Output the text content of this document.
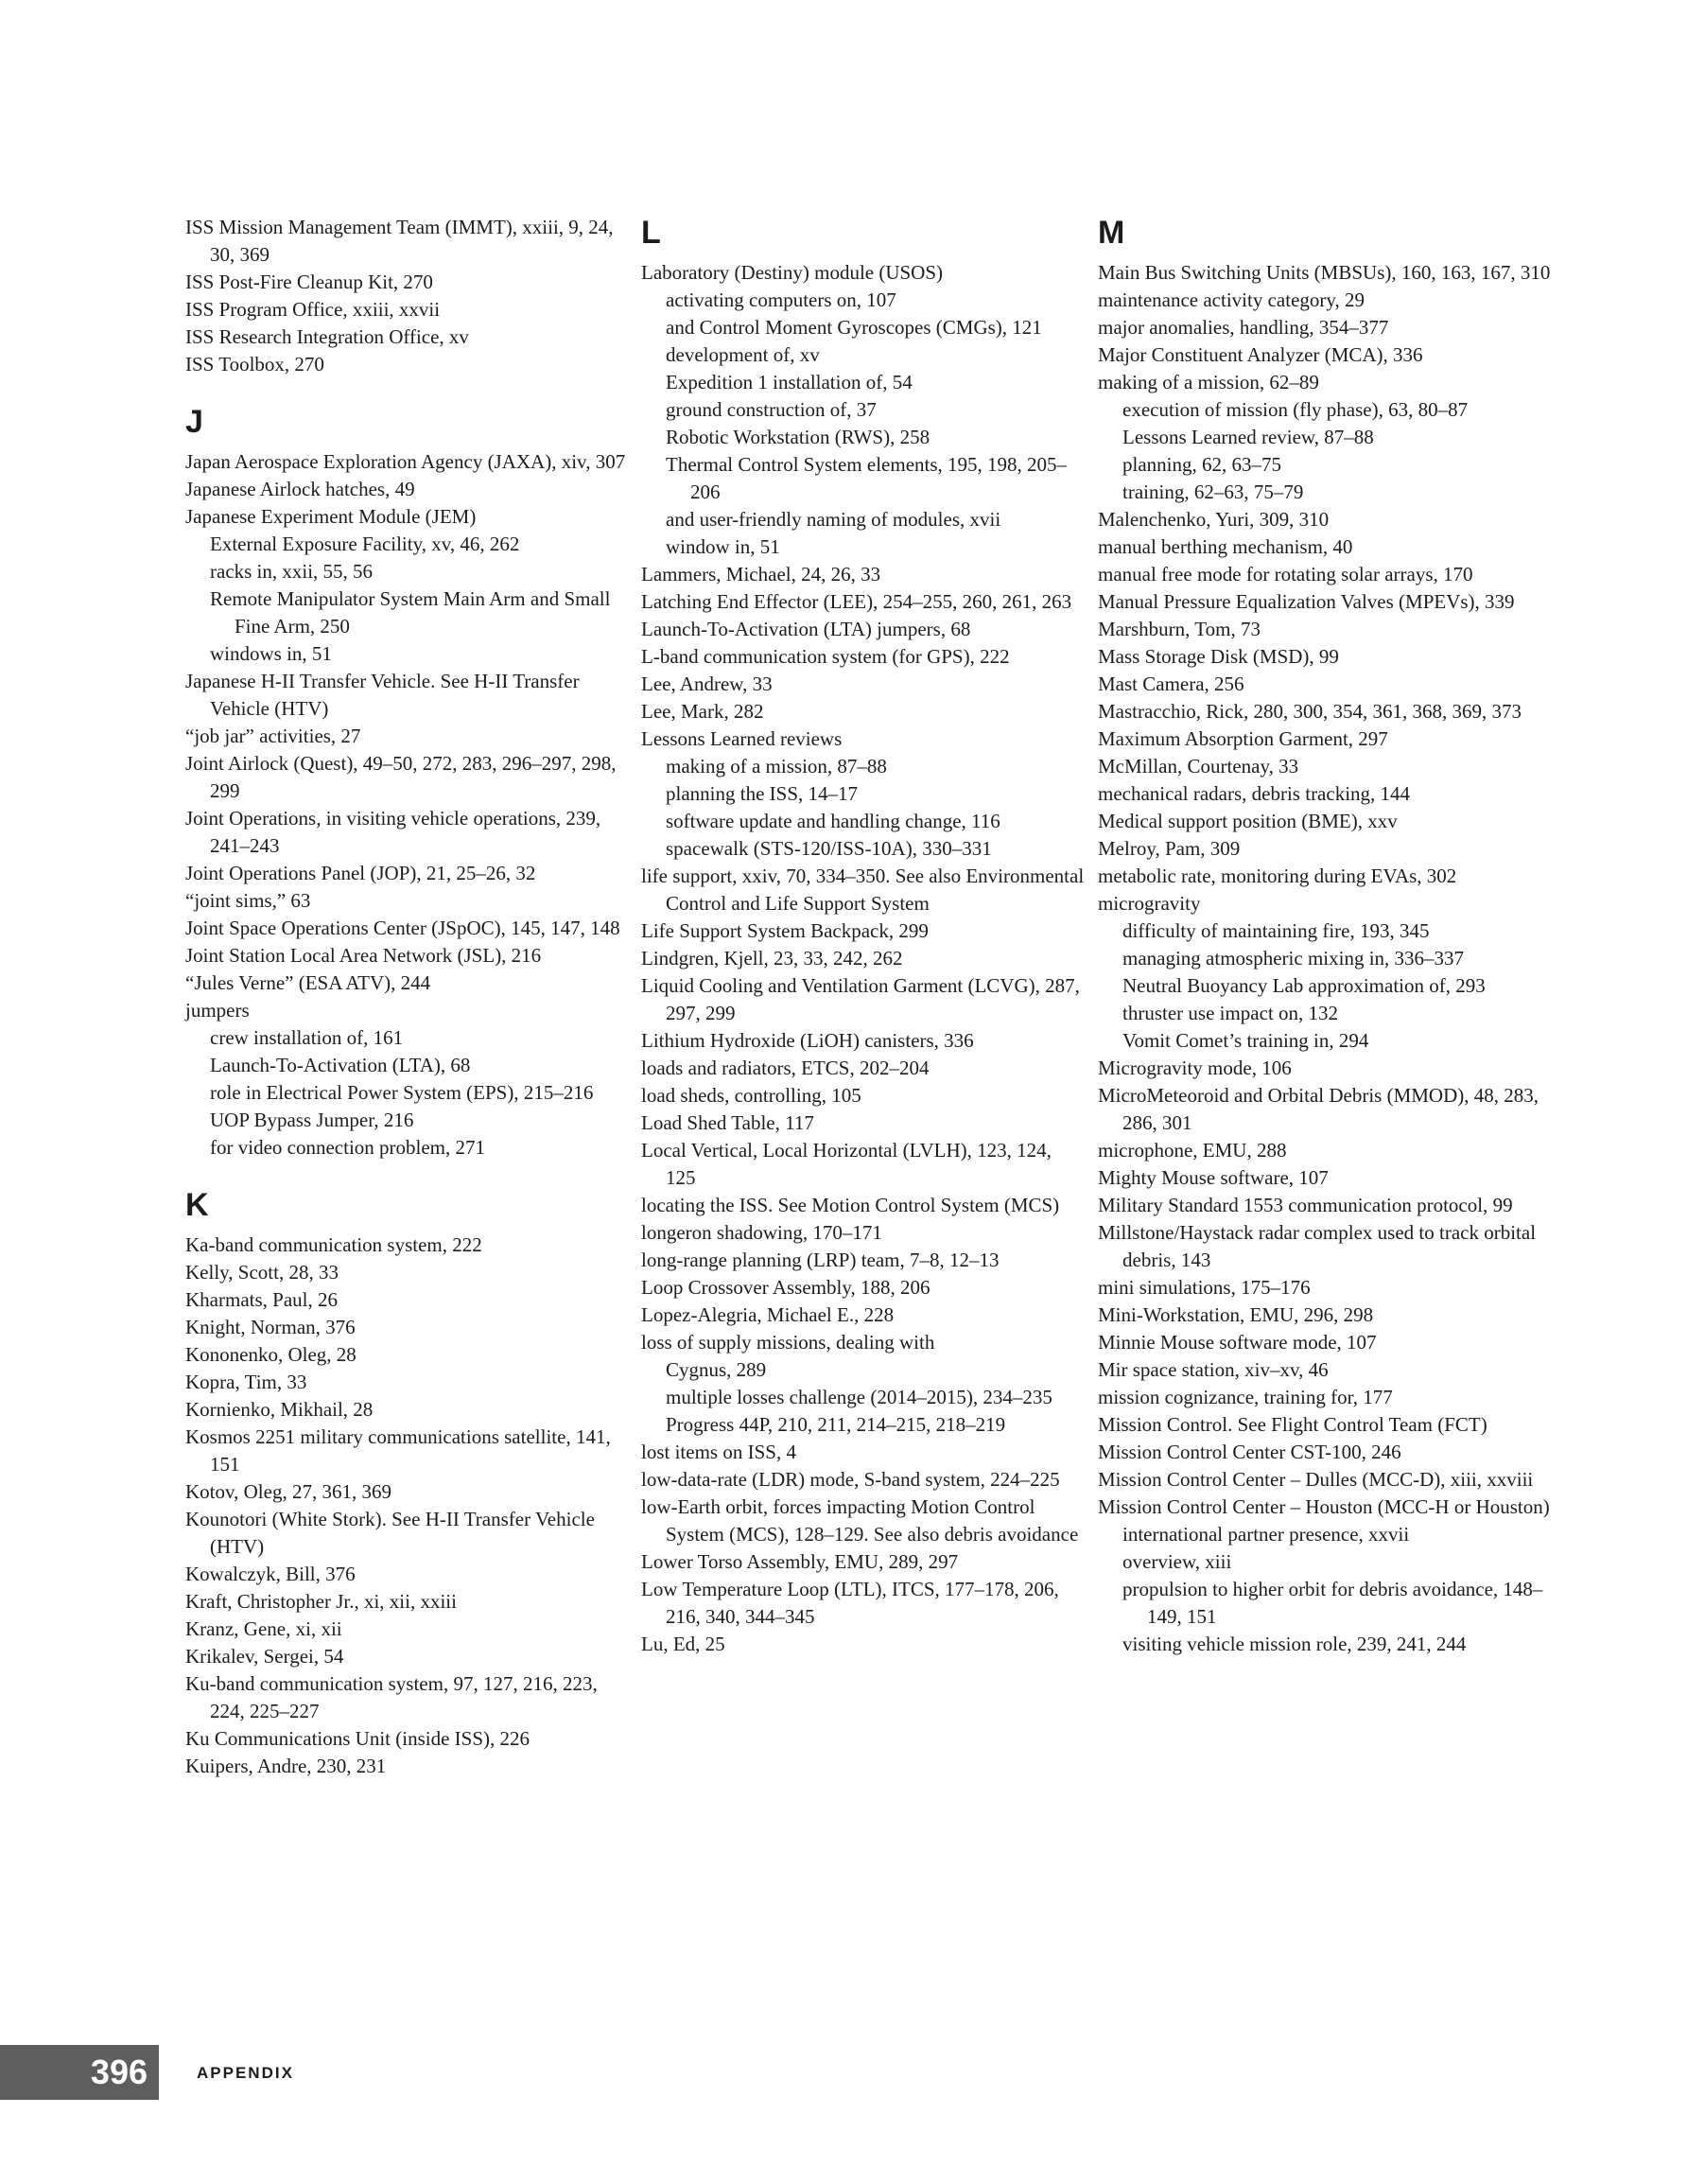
ISS Mission Management Team (IMMT), xxiii, 9, 24, 30, 369
ISS Post-Fire Cleanup Kit, 270
ISS Program Office, xxiii, xxvii
ISS Research Integration Office, xv
ISS Toolbox, 270
J
Japan Aerospace Exploration Agency (JAXA), xiv, 307
Japanese Airlock hatches, 49
Japanese Experiment Module (JEM)
External Exposure Facility, xv, 46, 262
racks in, xxii, 55, 56
Remote Manipulator System Main Arm and Small Fine Arm, 250
windows in, 51
Japanese H-II Transfer Vehicle. See H-II Transfer Vehicle (HTV)
“job jar” activities, 27
Joint Airlock (Quest), 49–50, 272, 283, 296–297, 298, 299
Joint Operations, in visiting vehicle operations, 239, 241–243
Joint Operations Panel (JOP), 21, 25–26, 32
“joint sims,” 63
Joint Space Operations Center (JSpOC), 145, 147, 148
Joint Station Local Area Network (JSL), 216
“Jules Verne” (ESA ATV), 244
jumpers
crew installation of, 161
Launch-To-Activation (LTA), 68
role in Electrical Power System (EPS), 215–216
UOP Bypass Jumper, 216
for video connection problem, 271
K
Ka-band communication system, 222
Kelly, Scott, 28, 33
Kharmats, Paul, 26
Knight, Norman, 376
Kononenko, Oleg, 28
Kopra, Tim, 33
Kornienko, Mikhail, 28
Kosmos 2251 military communications satellite, 141, 151
Kotov, Oleg, 27, 361, 369
Kounotori (White Stork). See H-II Transfer Vehicle (HTV)
Kowalczyk, Bill, 376
Kraft, Christopher Jr., xi, xii, xxiii
Kranz, Gene, xi, xii
Krikalev, Sergei, 54
Ku-band communication system, 97, 127, 216, 223, 224, 225–227
Ku Communications Unit (inside ISS), 226
Kuipers, Andre, 230, 231
L
Laboratory (Destiny) module (USOS)
activating computers on, 107
and Control Moment Gyroscopes (CMGs), 121
development of, xv
Expedition 1 installation of, 54
ground construction of, 37
Robotic Workstation (RWS), 258
Thermal Control System elements, 195, 198, 205–206
and user-friendly naming of modules, xvii
window in, 51
Lammers, Michael, 24, 26, 33
Latching End Effector (LEE), 254–255, 260, 261, 263
Launch-To-Activation (LTA) jumpers, 68
L-band communication system (for GPS), 222
Lee, Andrew, 33
Lee, Mark, 282
Lessons Learned reviews
making of a mission, 87–88
planning the ISS, 14–17
software update and handling change, 116
spacewalk (STS-120/ISS-10A), 330–331
life support, xxiv, 70, 334–350. See also Environmental Control and Life Support System
Life Support System Backpack, 299
Lindgren, Kjell, 23, 33, 242, 262
Liquid Cooling and Ventilation Garment (LCVG), 287, 297, 299
Lithium Hydroxide (LiOH) canisters, 336
loads and radiators, ETCS, 202–204
load sheds, controlling, 105
Load Shed Table, 117
Local Vertical, Local Horizontal (LVLH), 123, 124, 125
locating the ISS. See Motion Control System (MCS)
longeron shadowing, 170–171
long-range planning (LRP) team, 7–8, 12–13
Loop Crossover Assembly, 188, 206
Lopez-Alegria, Michael E., 228
loss of supply missions, dealing with
Cygnus, 289
multiple losses challenge (2014–2015), 234–235
Progress 44P, 210, 211, 214–215, 218–219
lost items on ISS, 4
low-data-rate (LDR) mode, S-band system, 224–225
low-Earth orbit, forces impacting Motion Control System (MCS), 128–129. See also debris avoidance
Lower Torso Assembly, EMU, 289, 297
Low Temperature Loop (LTL), ITCS, 177–178, 206, 216, 340, 344–345
Lu, Ed, 25
M
Main Bus Switching Units (MBSUs), 160, 163, 167, 310
maintenance activity category, 29
major anomalies, handling, 354–377
Major Constituent Analyzer (MCA), 336
making of a mission, 62–89
execution of mission (fly phase), 63, 80–87
Lessons Learned review, 87–88
planning, 62, 63–75
training, 62–63, 75–79
Malenchenko, Yuri, 309, 310
manual berthing mechanism, 40
manual free mode for rotating solar arrays, 170
Manual Pressure Equalization Valves (MPEVs), 339
Marshburn, Tom, 73
Mass Storage Disk (MSD), 99
Mast Camera, 256
Mastracchio, Rick, 280, 300, 354, 361, 368, 369, 373
Maximum Absorption Garment, 297
McMillan, Courtenay, 33
mechanical radars, debris tracking, 144
Medical support position (BME), xxv
Melroy, Pam, 309
metabolic rate, monitoring during EVAs, 302
microgravity
difficulty of maintaining fire, 193, 345
managing atmospheric mixing in, 336–337
Neutral Buoyancy Lab approximation of, 293
thruster use impact on, 132
Vomit Comet’s training in, 294
Microgravity mode, 106
MicroMeteoroid and Orbital Debris (MMOD), 48, 283, 286, 301
microphone, EMU, 288
Mighty Mouse software, 107
Military Standard 1553 communication protocol, 99
Millstone/Haystack radar complex used to track orbital debris, 143
mini simulations, 175–176
Mini-Workstation, EMU, 296, 298
Minnie Mouse software mode, 107
Mir space station, xiv–xv, 46
mission cognizance, training for, 177
Mission Control. See Flight Control Team (FCT)
Mission Control Center CST-100, 246
Mission Control Center – Dulles (MCC-D), xiii, xxviii
Mission Control Center – Houston (MCC-H or Houston)
international partner presence, xxvii
overview, xiii
propulsion to higher orbit for debris avoidance, 148–149, 151
visiting vehicle mission role, 239, 241, 244
396	APPENDIX
